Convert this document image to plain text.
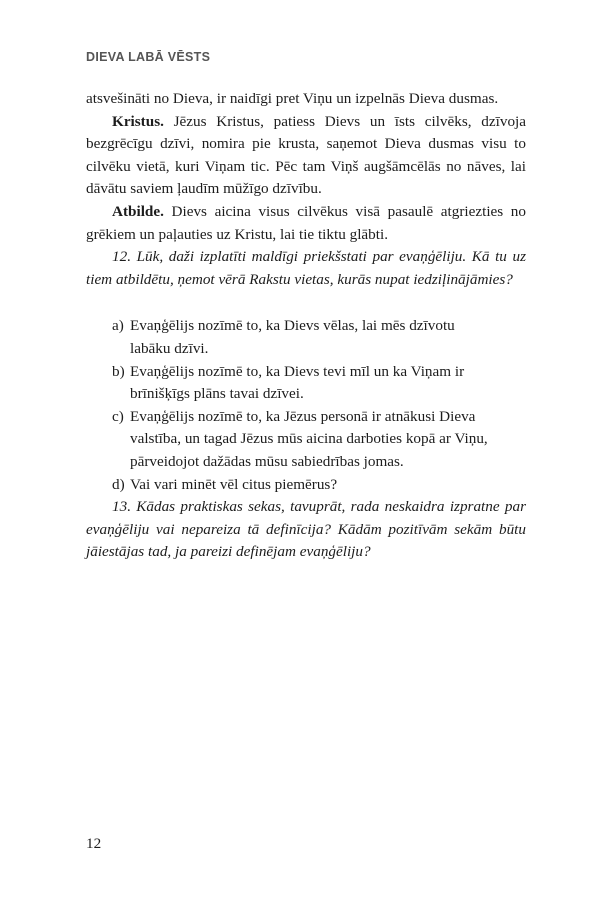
DIEVA LABĀ VĒSTS

atsvešināti no Dieva, ir naidīgi pret Viņu un izpelnās Dieva dusmas.

Kristus. Jēzus Kristus, patiess Dievs un īsts cilvēks, dzīvoja bezgrēcīgu dzīvi, nomira pie krusta, saņemot Dieva dusmas visu to cilvēku vietā, kuri Viņam tic. Pēc tam Viņš augšāmcēlās no nāves, lai dāvātu saviem ļaudīm mūžīgo dzīvību.

Atbilde. Dievs aicina visus cilvēkus visā pasaulē atgriezties no grēkiem un paļauties uz Kristu, lai tie tiktu glābti.

12. Lūk, daži izplatīti maldīgi priekšstati par evaņģēliju. Kā tu uz tiem atbildētu, ņemot vērā Rakstu vietas, kurās nupat iedziļinājāmies?

a) Evaņģēlijs nozīmē to, ka Dievs vēlas, lai mēs dzīvotu labāku dzīvi.
b) Evaņģēlijs nozīmē to, ka Dievs tevi mīl un ka Viņam ir brīnišķīgs plāns tavai dzīvei.
c) Evaņģēlijs nozīmē to, ka Jēzus personā ir atnākusi Dieva valstība, un tagad Jēzus mūs aicina darboties kopā ar Viņu, pārveidojot dažādas mūsu sabiedrības jomas.
d) Vai vari minēt vēl citus piemērus?

13. Kādas praktiskas sekas, tavuprāt, rada neskaidra izpratne par evaņģēliju vai nepareiza tā definīcija? Kādām pozitīvām sekām būtu jāiestājas tad, ja pareizi definējam evaņģēliju?

12
